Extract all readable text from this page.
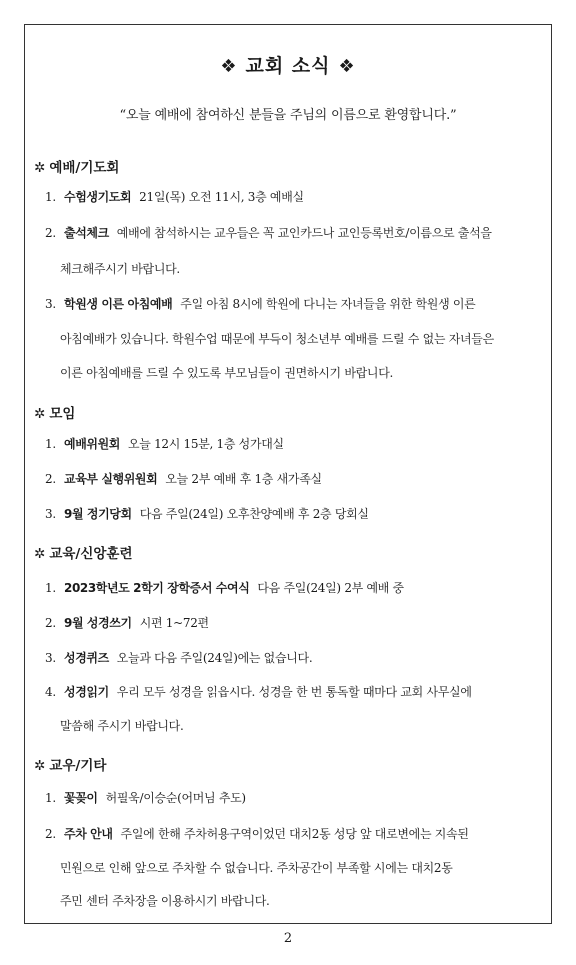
❖ 교회 소식 ❖
“오늘 예배에 참여하신 분들을 주님의 이름으로 환영합니다.”
✲ 예배/기도회
1. 수험생기도회 21일(목) 오전 11시, 3층 예배실
2. 출석체크 예배에 참석하시는 교우들은 꼭 교인카드나 교인등록번호/이름으로 출석을
체크해주시기 바랍니다.
3. 학원생 이른 아침예배 주일 아침 8시에 학원에 다니는 자녀들을 위한 학원생 이른
아침예배가 있습니다. 학원수업 때문에 부득이 청소년부 예배를 드릴 수 없는 자녀들은
이른 아침예배를 드릴 수 있도록 부모님들이 권면하시기 바랍니다.
✲ 모임
1. 예배위원회 오늘 12시 15분, 1층 성가대실
2. 교육부 실행위원회 오늘 2부 예배 후 1층 새가족실
3. 9월 정기당회 다음 주일(24일) 오후찬양예배 후 2층 당회실
✲ 교육/신앙훈련
1. 2023학년도 2학기 장학증서 수여식 다음 주일(24일) 2부 예배 중
2. 9월 성경쓰기 시편 1~72편
3. 성경퀴즈 오늘과 다음 주일(24일)에는 없습니다.
4. 성경읽기 우리 모두 성경을 읽읍시다. 성경을 한 번 통독할 때마다 교회 사무실에
말씀해 주시기 바랍니다.
✲ 교우/기타
1. 꽃꽂이 허필욱/이승순(어머님 추도)
2. 주차 안내 주일에 한해 주차허용구역이었던 대치2동 성당 앞 대로변에는 지속된
민원으로 인해 앞으로 주차할 수 없습니다. 주차공간이 부족할 시에는 대치2동
주민 센터 주차장을 이용하시기 바랍니다.
2
